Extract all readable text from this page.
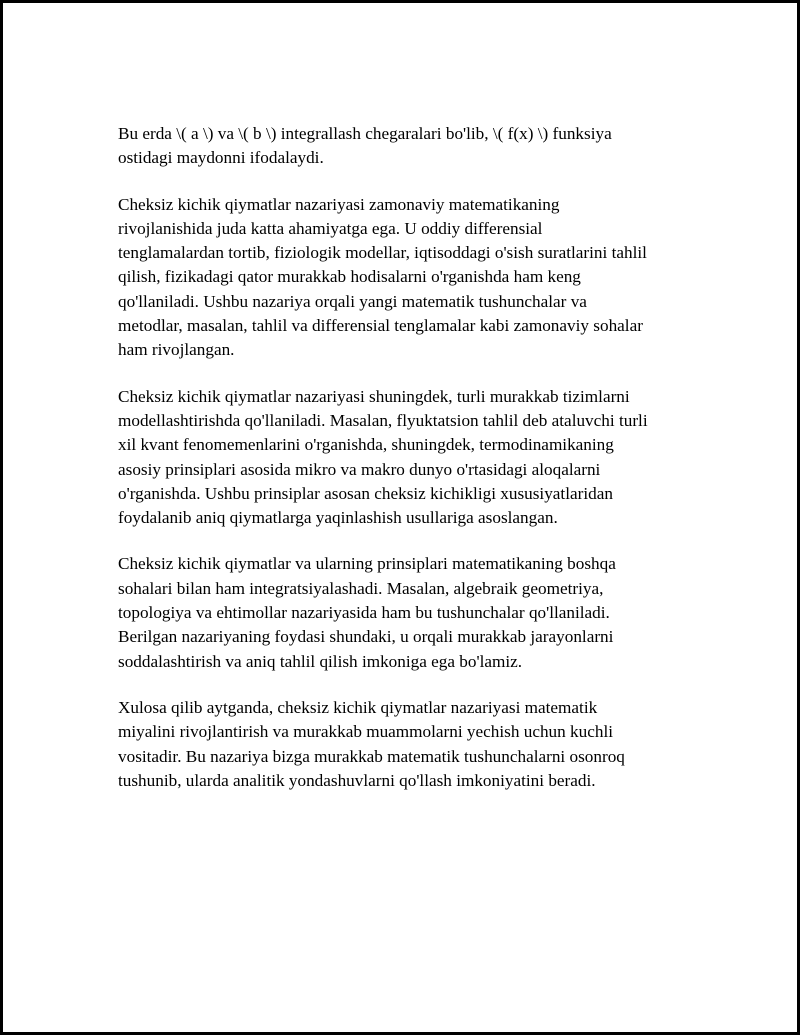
Bu erda \( a \) va \( b \) integrallash chegaralari bo'lib, \( f(x) \) funksiya
ostidagi maydonni ifodalaydi.

Cheksiz kichik qiymatlar nazariyasi zamonaviy matematikaning
rivojlanishida juda katta ahamiyatga ega. U oddiy differensial
tenglamalardan tortib, fiziologik modellar, iqtisoddagi o'sish suratlarini tahlil
qilish, fizikadagi qator murakkab hodisalarni o'rganishda ham keng
qo'llaniladi. Ushbu nazariya orqali yangi matematik tushunchalar va
metodlar, masalan, tahlil va differensial tenglamalar kabi zamonaviy sohalar
ham rivojlangan.

Cheksiz kichik qiymatlar nazariyasi shuningdek, turli murakkab tizimlarni
modellashtirishda qo'llaniladi. Masalan, flyuktatsion tahlil deb ataluvchi turli
xil kvant fenomemenlarini o'rganishda, shuningdek, termodinamikaning
asosiy prinsiplari asosida mikro va makro dunyo o'rtasidagi aloqalarni
o'rganishda. Ushbu prinsiplar asosan cheksiz kichikligi xususiyatlaridan
foydalanib aniq qiymatlarga yaqinlashish usullariga asoslangan.

Cheksiz kichik qiymatlar va ularning prinsiplari matematikaning boshqa
sohalari bilan ham integratsiyalashadi. Masalan, algebraik geometriya,
topologiya va ehtimollar nazariyasida ham bu tushunchalar qo'llaniladi.
Berilgan nazariyaning foydasi shundaki, u orqali murakkab jarayonlarni
soddalashtirish va aniq tahlil qilish imkoniga ega bo'lamiz.

Xulosa qilib aytganda, cheksiz kichik qiymatlar nazariyasi matematik
miyalini rivojlantirish va murakkab muammolarni yechish uchun kuchli
vositadir. Bu nazariya bizga murakkab matematik tushunchalarni osonroq
tushunib, ularda analitik yondashuvlarni qo'llash imkoniyatini beradi.
